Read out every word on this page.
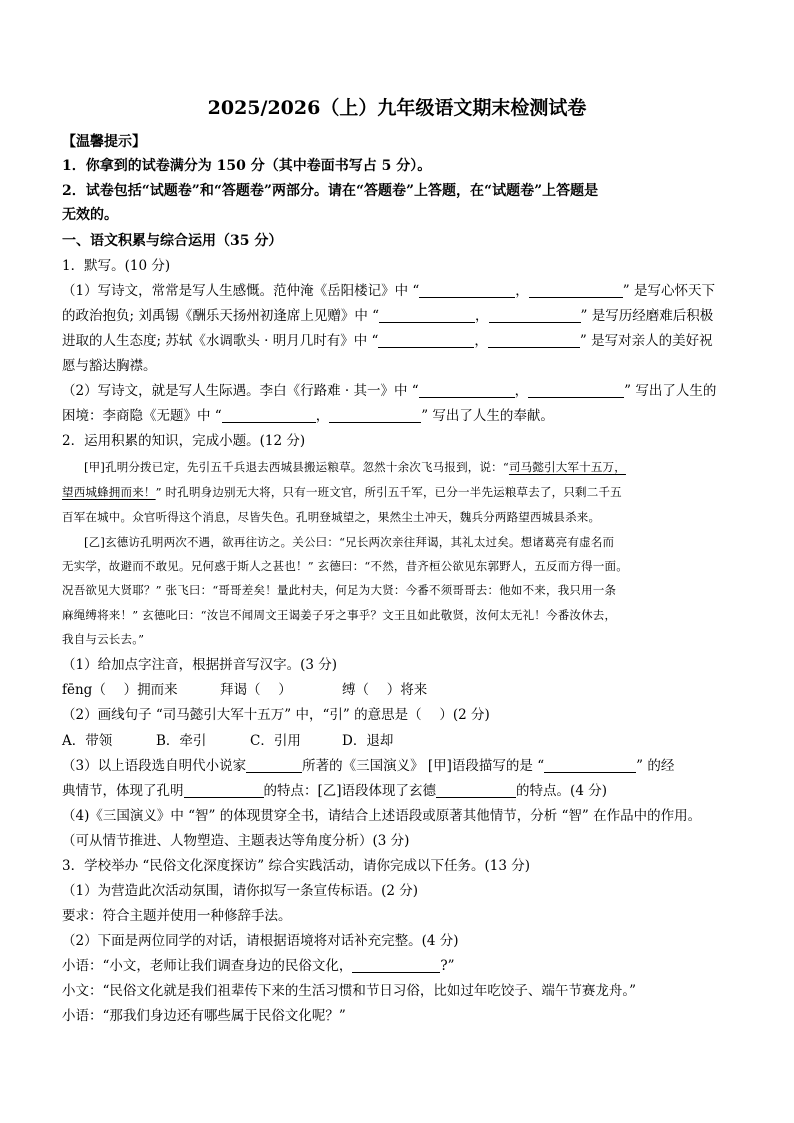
2025/2026（上）九年级语文期末检测试卷
【温馨提示】
1．你拿到的试卷满分为 150 分（其中卷面书写占 5 分）。
2．试卷包括“试题卷”和“答题卷”两部分。请在“答题卷”上答题，在“试题卷”上答题是
无效的。
一、语文积累与综合运用（35 分）
1．默写。(10 分)
（1）写诗文，常常是写人生感慨。范仲淹《岳阳楼记》中 “	，	” 是写心怀天下
的政治抱负; 刘禹锡《酬乐天扬州初逢席上见赠》中 “	，	” 是写历经磨难后积极
进取的人生态度; 苏轼《水调歌头 · 明月几时有》中 “	，	” 是写对亲人的美好祝
愿与豁达胸襟。
（2）写诗文，就是写人生际遇。李白《行路难 · 其一》中 “	，	” 写出了人生的
困境：李商隐《无题》中 “	，	” 写出了人生的奉献。
2．运用积累的知识，完成小题。(12 分)
[甲]孔明分拨已定，先引五千兵退去西城县搬运粮草。忽然十余次飞马报到，说：“司马懿引大军十五万，
望西城蜂拥而来！” 时孔明身边别无大将，只有一班文官，所引五千军，已分一半先运粮草去了，只剩二千五
百军在城中。众官听得这个消息，尽皆失色。孔明登城望之，果然尘土冲天，魏兵分两路望西城县杀来。
[乙]玄德访孔明两次不遇，欲再往访之。关公曰：“兄长两次亲往拜谒，其礼太过矣。想诸葛亮有虚名而
无实学，故避而不敢见。兄何惑于斯人之甚也！” 玄德曰：“不然，昔齐桓公欲见东郭野人，五反而方得一面。
况吾欲见大贤耶？” 张飞曰：“哥哥差矣！量此村夫，何足为大贤：今番不须哥哥去：他如不来，我只用一条
麻绳缚将来！” 玄德叱曰：“汝岂不闻周文王谒姜子牙之事乎？文王且如此敬贤，汝何太无礼！今番汝休去，
我自与云长去。”
（1）给加点字注音，根据拼音写汉字。(3 分)
fēng（　 ）拥而来	拜谒（　 ）	缚（　 ）将来
（2）画线句子 “司马懿引大军十五万” 中，“引” 的意思是（　 ）(2 分)
A．带领	B．牵引	C．引用	D．退却
（3）以上语段选自明代小说家	所著的《三国演义》 [甲]语段描写的是 “	” 的经
典情节，体现了孔明	的特点：[乙]语段体现了玄德	的特点。(4 分)
（4)《三国演义》中 “智” 的体现贯穿全书，请结合上述语段或原著其他情节，分析 “智” 在作品中的作用。
（可从情节推进、人物塑造、主题表达等角度分析）(3 分)
3．学校举办 “民俗文化深度探访” 综合实践活动，请你完成以下任务。(13 分)
（1）为营造此次活动氛围，请你拟写一条宣传标语。(2 分)
要求：符合主题并使用一种修辞手法。
（2）下面是两位同学的对话，请根据语境将对话补充完整。(4 分)
小语：“小文，老师让我们调查身边的民俗文化，	?”
小文：“民俗文化就是我们祖辈传下来的生活习惯和节日习俗，比如过年吃饺子、端午节赛龙舟。”
小语：“那我们身边还有哪些属于民俗文化呢？”
